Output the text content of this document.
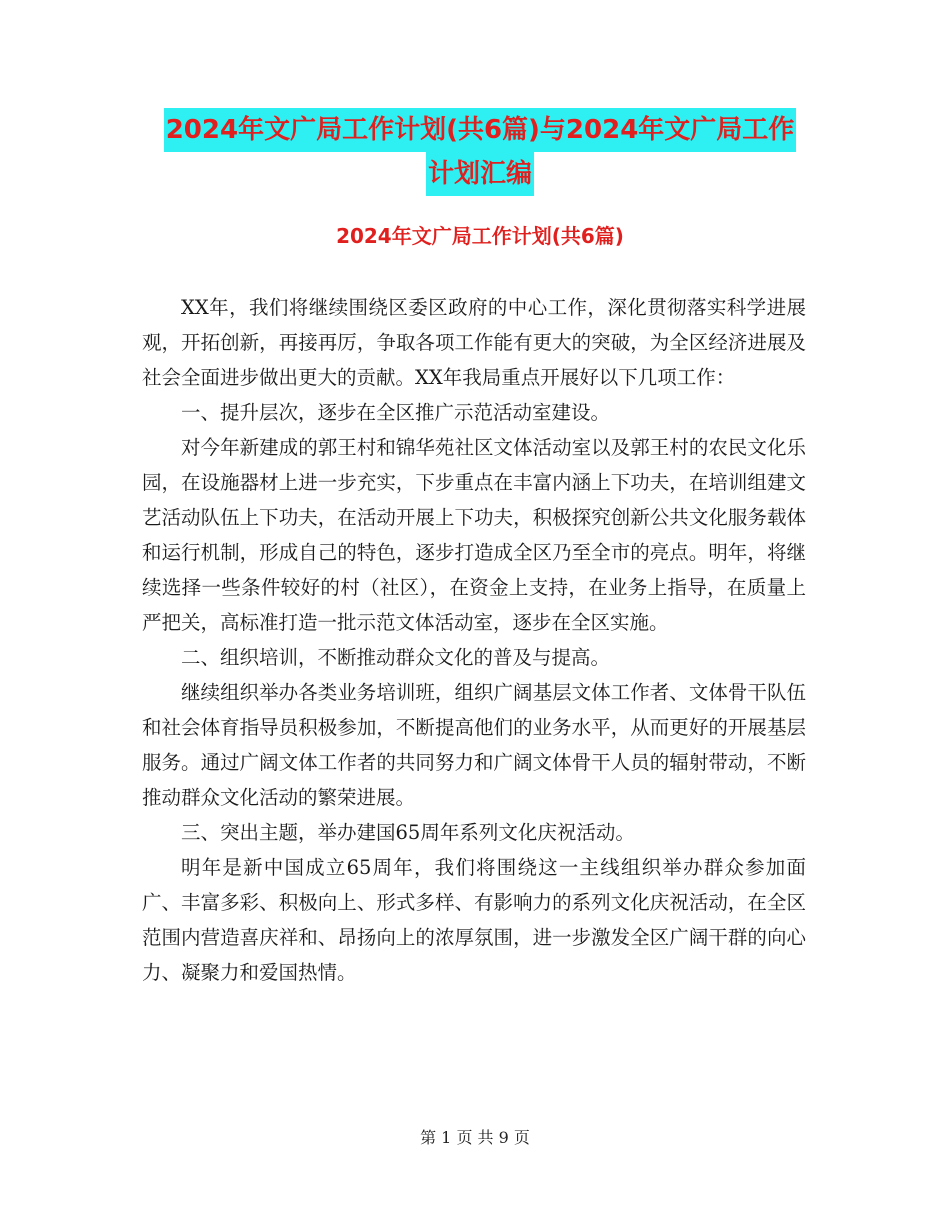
2024年文广局工作计划(共6篇)与2024年文广局工作
计划汇编
2024年文广局工作计划(共6篇)

XX年，我们将继续围绕区委区政府的中心工作，深化贯彻落实科学进展观，开拓创新，再接再厉，争取各项工作能有更大的突破，为全区经济进展及社会全面进步做出更大的贡献。XX年我局重点开展好以下几项工作：

一、提升层次，逐步在全区推广示范活动室建设。

对今年新建成的郭王村和锦华苑社区文体活动室以及郭王村的农民文化乐园，在设施器材上进一步充实，下步重点在丰富内涵上下功夫，在培训组建文艺活动队伍上下功夫，在活动开展上下功夫，积极探究创新公共文化服务载体和运行机制，形成自己的特色，逐步打造成全区乃至全市的亮点。明年，将继续选择一些条件较好的村（社区），在资金上支持，在业务上指导，在质量上严把关，高标准打造一批示范文体活动室，逐步在全区实施。

二、组织培训，不断推动群众文化的普及与提高。

继续组织举办各类业务培训班，组织广阔基层文体工作者、文体骨干队伍和社会体育指导员积极参加，不断提高他们的业务水平，从而更好的开展基层服务。通过广阔文体工作者的共同努力和广阔文体骨干人员的辐射带动，不断推动群众文化活动的繁荣进展。

三、突出主题，举办建国65周年系列文化庆祝活动。

明年是新中国成立65周年，我们将围绕这一主线组织举办群众参加面广、丰富多彩、积极向上、形式多样、有影响力的系列文化庆祝活动，在全区范围内营造喜庆祥和、昂扬向上的浓厚氛围，进一步激发全区广阔干群的向心力、凝聚力和爱国热情。

第 1 页 共 9 页
